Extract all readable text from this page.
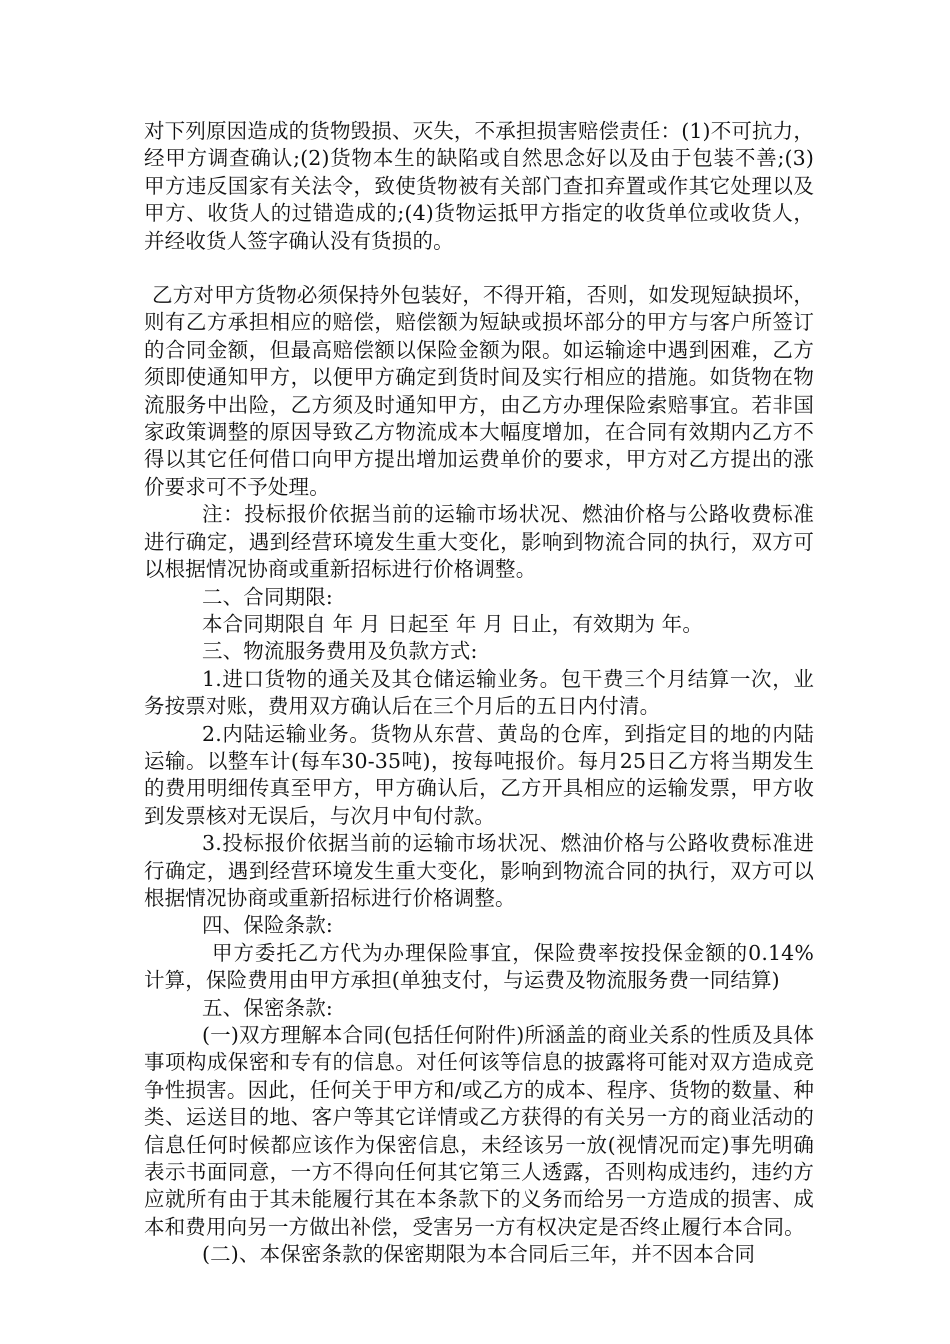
对下列原因造成的货物毁损、灭失，不承担损害赔偿责任：(1)不可抗力，经甲方调查确认;(2)货物本生的缺陷或自然思念好以及由于包装不善;(3)甲方违反国家有关法令，致使货物被有关部门查扣弃置或作其它处理以及甲方、收货人的过错造成的;(4)货物运抵甲方指定的收货单位或收货人，并经收货人签字确认没有货损的。

乙方对甲方货物必须保持外包装好，不得开箱，否则，如发现短缺损坏，则有乙方承担相应的赔偿，赔偿额为短缺或损坏部分的甲方与客户所签订的合同金额，但最高赔偿额以保险金额为限。如运输途中遇到困难，乙方须即使通知甲方，以便甲方确定到货时间及实行相应的措施。如货物在物流服务中出险，乙方须及时通知甲方，由乙方办理保险索赔事宜。若非国家政策调整的原因导致乙方物流成本大幅度增加，在合同有效期内乙方不得以其它任何借口向甲方提出增加运费单价的要求，甲方对乙方提出的涨价要求可不予处理。

注：投标报价依据当前的运输市场状况、燃油价格与公路收费标准进行确定，遇到经营环境发生重大变化，影响到物流合同的执行，双方可以根据情况协商或重新招标进行价格调整。

二、合同期限:

本合同期限自 年 月 日起至 年 月 日止，有效期为 年。

三、物流服务费用及负款方式:

1.进口货物的通关及其仓储运输业务。包干费三个月结算一次，业务按票对账，费用双方确认后在三个月后的五日内付清。

2.内陆运输业务。货物从东营、黄岛的仓库，到指定目的地的内陆运输。以整车计(每车30-35吨)，按每吨报价。每月25日乙方将当期发生的费用明细传真至甲方，甲方确认后，乙方开具相应的运输发票，甲方收到发票核对无误后，与次月中旬付款。

3.投标报价依据当前的运输市场状况、燃油价格与公路收费标准进行确定，遇到经营环境发生重大变化，影响到物流合同的执行，双方可以根据情况协商或重新招标进行价格调整。

四、保险条款:

甲方委托乙方代为办理保险事宜，保险费率按投保金额的0.14%计算，保险费用由甲方承担(单独支付，与运费及物流服务费一同结算)

五、保密条款:

(一)双方理解本合同(包括任何附件)所涵盖的商业关系的性质及具体事项构成保密和专有的信息。对任何该等信息的披露将可能对双方造成竞争性损害。因此，任何关于甲方和/或乙方的成本、程序、货物的数量、种类、运送目的地、客户等其它详情或乙方获得的有关另一方的商业活动的信息任何时候都应该作为保密信息，未经该另一放(视情况而定)事先明确表示书面同意，一方不得向任何其它第三人透露，否则构成违约，违约方应就所有由于其未能履行其在本条款下的义务而给另一方造成的损害、成本和费用向另一方做出补偿，受害另一方有权决定是否终止履行本合同。

(二)、本保密条款的保密期限为本合同后三年，并不因本合同
